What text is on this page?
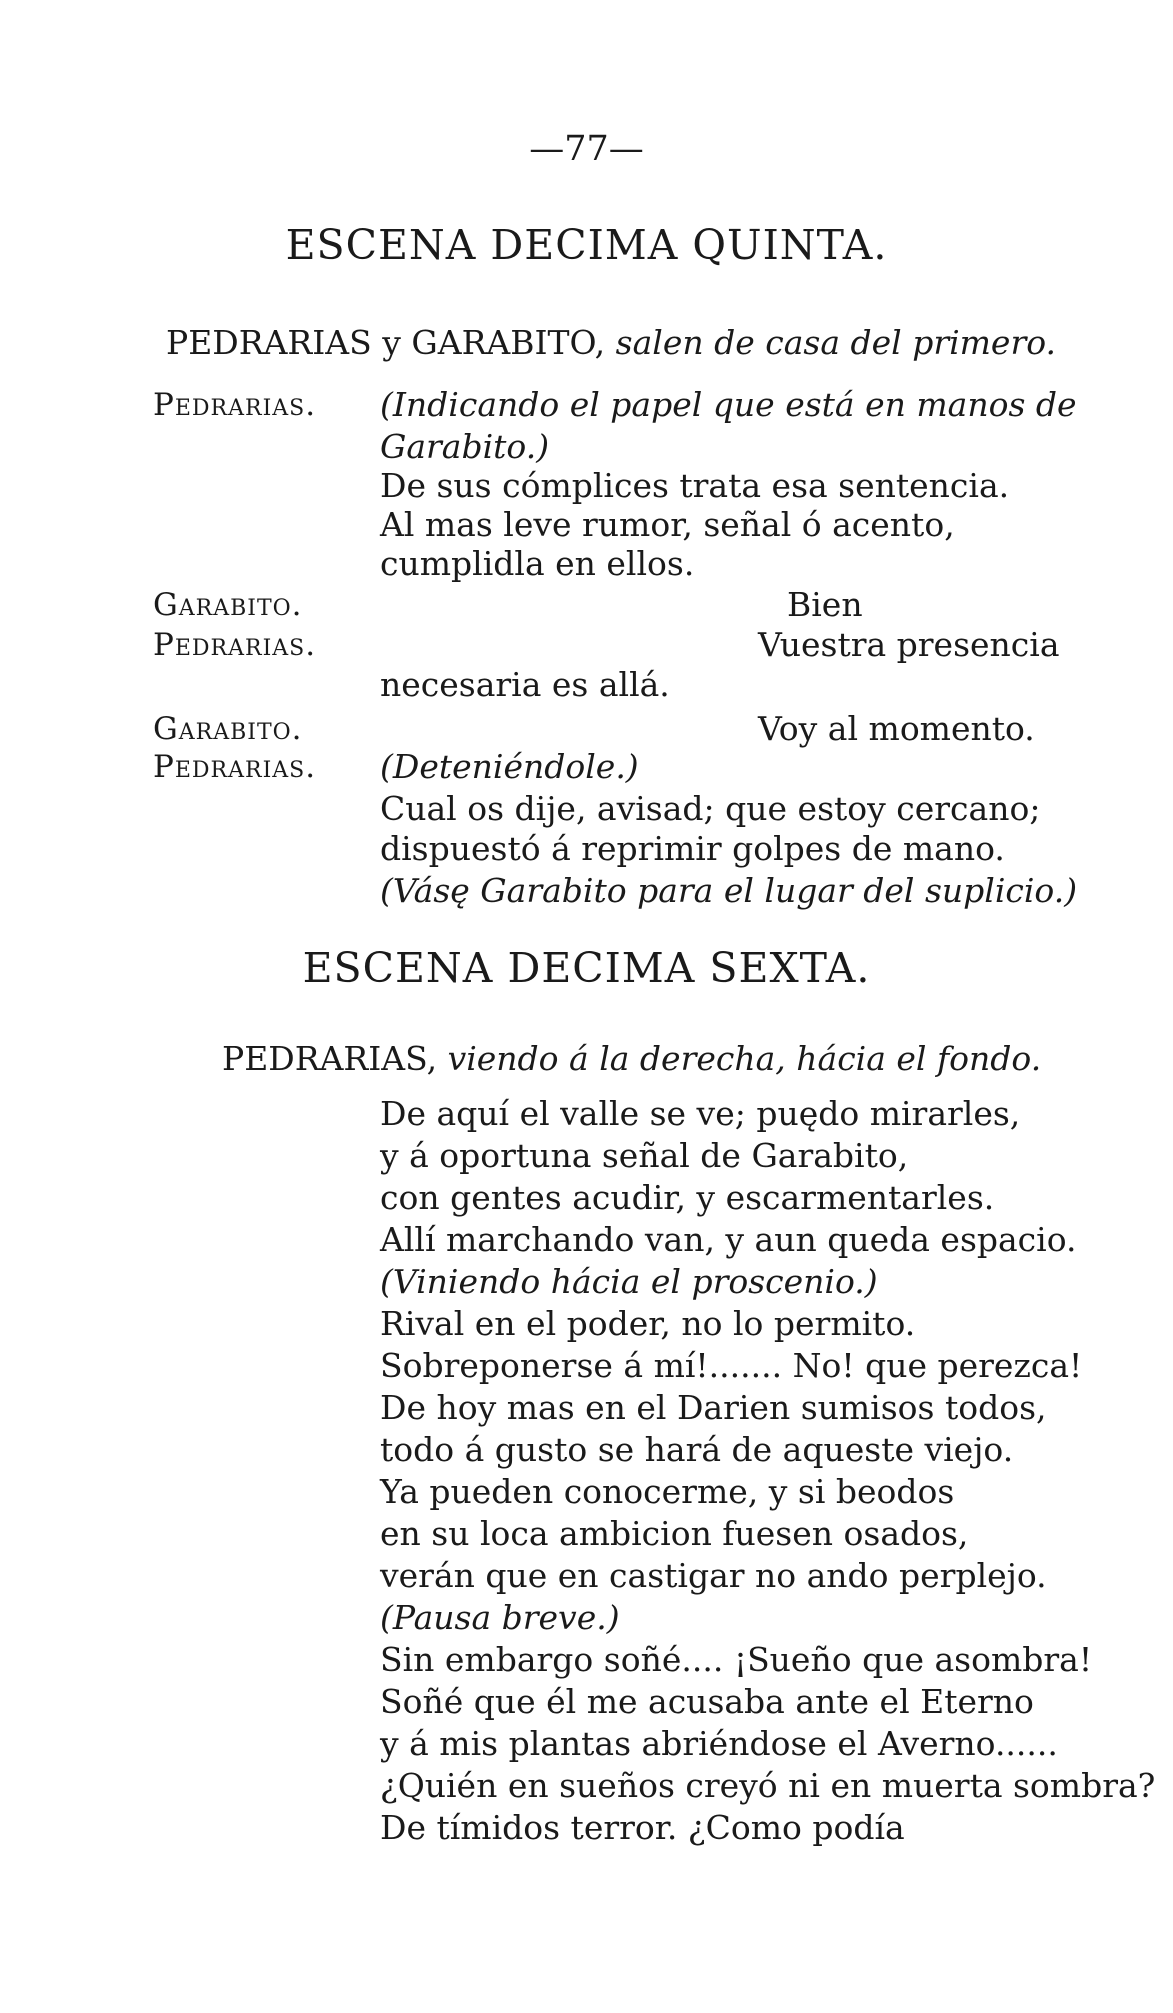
—77—
ESCENA DECIMA QUINTA.
PEDRARIAS y GARABITO, salen de casa del primero.
Pedrarias. (Indicando el papel que está en manos de
Garabito.)
De sus cómplices trata esa sentencia.
Al mas leve rumor, señal ó acento,
cumplidla en ellos.
Garabito.	Bien
Pedrarias.	Vuestra presencia
necesaria es allá.
Garabito.	Voy al momento.
Pedrarias. (Deteniéndole.)
Cual os dije, avisad; que estoy cercano;
dispuestó á reprimir golpes de mano.
(Vásę Garabito para el lugar del suplicio.)
ESCENA DECIMA SEXTA.
PEDRARIAS, viendo á la derecha, hácia el fondo.
De aquí el valle se ve; puędo mirarles,
y á oportuna señal de Garabito,
con gentes acudir, y escarmentarles.
Allí marchando van, y aun queda espacio.
(Viniendo hácia el proscenio.)
Rival en el poder, no lo permito.
Sobreponerse á mí!....... No! que perezca!
De hoy mas en el Darien sumisos todos,
todo á gusto se hará de aqueste viejo.
Ya pueden conocerme, y si beodos
en su loca ambicion fuesen osados,
verán que en castigar no ando perplejo.
(Pausa breve.)
Sin embargo soñé.... ¡Sueño que asombra!
Soñé que él me acusaba ante el Eterno
y á mis plantas abriéndose el Averno......
¿Quién en sueños creyó ni en muerta sombra?
De tímidos terror. ¿Como podía
